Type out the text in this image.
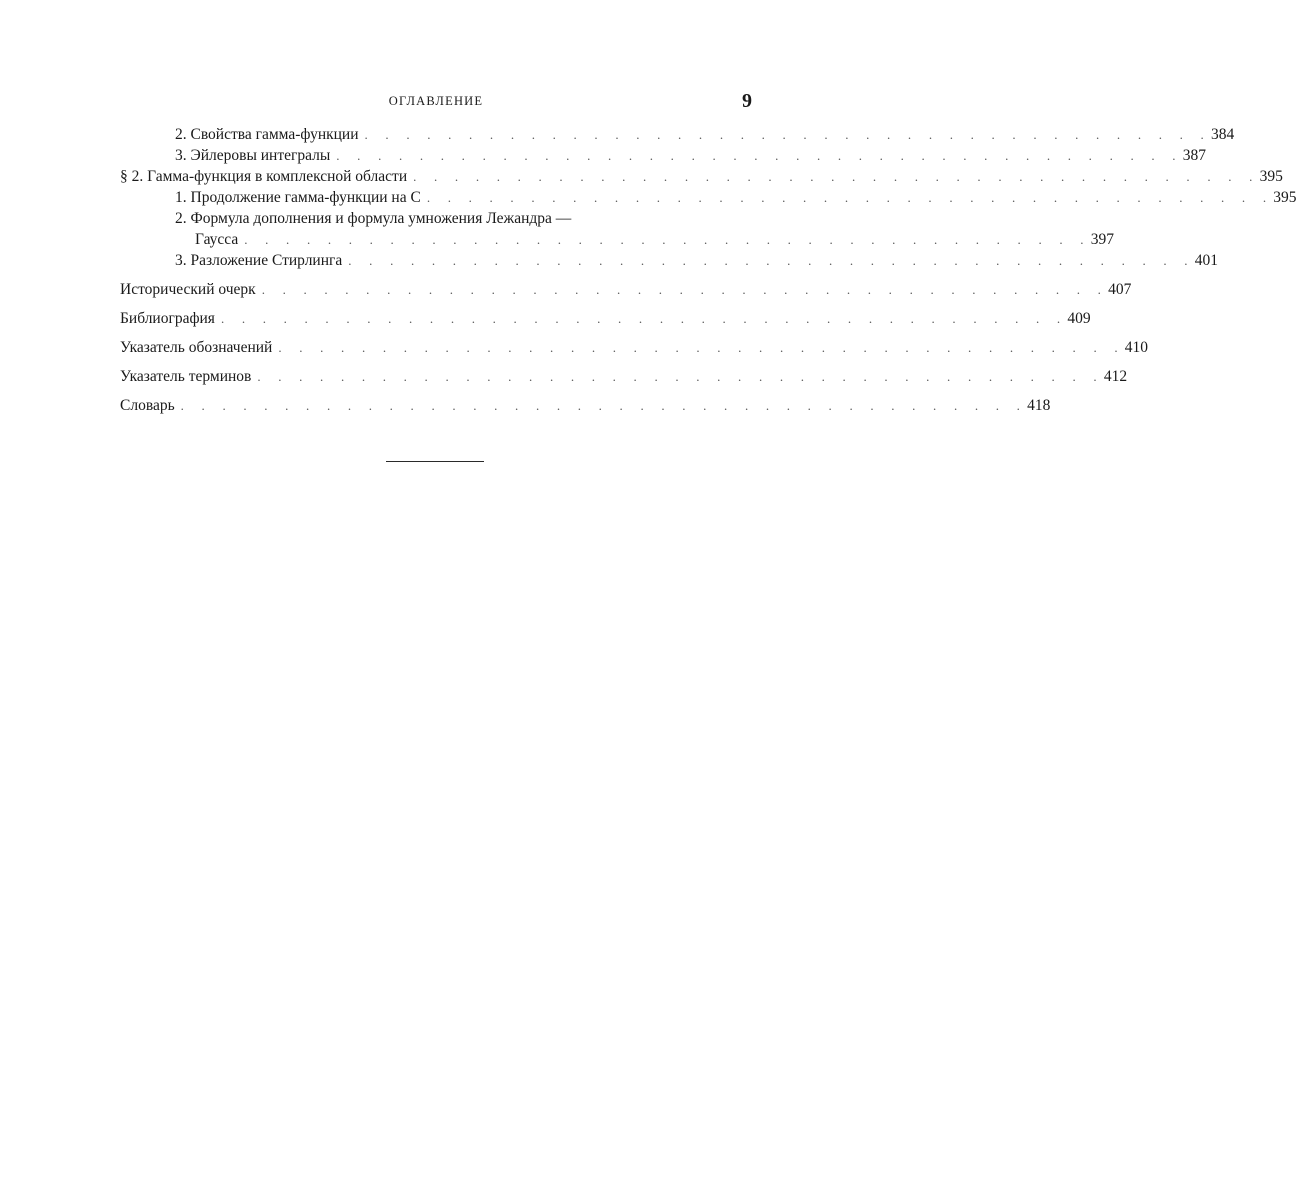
ОГЛАВЛЕНИЕ	9
2. Свойства гамма-функции . . . . . . . . . . . . . . . . . . . . . . . . . . . . . . . . . . . . . . . . . 384
3. Эйлеровы интегралы . . . . . . . . . . . . . . . . . . . . . . . . . . . . . . . . . . . . . . . . . 387
§ 2. Гамма-функция в комплексной области . . . . . . . . . . . . . . . . . . . . . . . . . . . . . . . . . . . . . . . . . 395
1. Продолжение гамма-функции на C . . . . . . . . . . . . . . . . . . . . . . . . . . . . . . . . . . . . . . . . . 395
2. Формула дополнения и формула умножения Лежандра —
Гаусса . . . . . . . . . . . . . . . . . . . . . . . . . . . . . . . . . . . . . . . . . 397
3. Разложение Стирлинга . . . . . . . . . . . . . . . . . . . . . . . . . . . . . . . . . . . . . . . . . 401
Исторический очерк . . . . . . . . . . . . . . . . . . . . . . . . . . . . . . . . . . . . . . . . . 407
Библиография . . . . . . . . . . . . . . . . . . . . . . . . . . . . . . . . . . . . . . . . . 409
Указатель обозначений . . . . . . . . . . . . . . . . . . . . . . . . . . . . . . . . . . . . . . . . . 410
Указатель терминов . . . . . . . . . . . . . . . . . . . . . . . . . . . . . . . . . . . . . . . . . 412
Словарь . . . . . . . . . . . . . . . . . . . . . . . . . . . . . . . . . . . . . . . . . 418
